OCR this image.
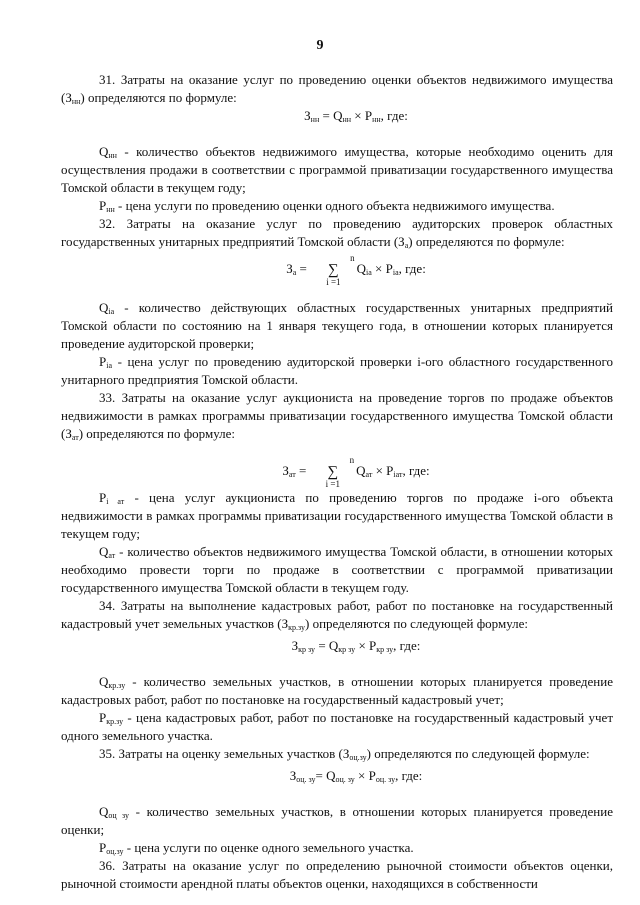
9

31. Затраты на оказание услуг по проведению оценки объектов недвижимого имущества $(З_{нн})$ определяются по формуле:

$З_{нн} = Q_{нн} \times Р_{нн}$, где:

$Q_{нн}$ - количество объектов недвижимого имущества, которые необходимо оценить для осуществления продажи в соответствии с программой приватизации государственного имущества Томской области в текущем году;

$Р_{нн}$ - цена услуги по проведению оценки одного объекта недвижимого имущества.

32. Затраты на оказание услуг по проведению аудиторских проверок областных государственных унитарных предприятий Томской области $(З_а)$ определяются по формуле:

$З_а = n$
∑
$i =1Q_{iа} \times Р_{iа}$, где:

$Q_{iа}$ - количество действующих областных государственных унитарных предприятий Томской области по состоянию на 1 января текущего года, в отношении которых планируется проведение аудиторской проверки;

$Р_{iа}$ - цена услуг по проведению аудиторской проверки i-ого областного государственного унитарного предприятия Томской области.

33. Затраты на оказание услуг аукциониста на проведение торгов по продаже объектов недвижимости в рамках программы приватизации государственного имущества Томской области $(З_{ат})$ определяются по формуле:

$З_{ат} = n$
∑
$i =1Q_{ат} \times Р_{iат}$, где:

$Р_{i ат}$ - цена услуг аукциониста по проведению торгов по продаже i-ого объекта недвижимости в рамках программы приватизации государственного имущества Томской области в текущем году;

$Q_{ат}$ - количество объектов недвижимого имущества Томской области, в отношении которых необходимо провести торги по продаже в соответствии с программой приватизации государственного имущества Томской области в текущем году.

34. Затраты на выполнение кадастровых работ, работ по постановке на государственный кадастровый учет земельных участков $(З_{кр.зу})$ определяются по следующей формуле:

$З_{кр зу} = Q_{кр зу} \times Р_{кр зу}$, где:

$Q_{кр.зу}$ - количество земельных участков, в отношении которых планируется проведение кадастровых работ, работ по постановке на государственный кадастровый учет;

$Р_{кр.зу}$ - цена кадастровых работ, работ по постановке на государственный кадастровый учет одного земельного участка.

35. Затраты на оценку земельных участков $(З_{оц.зу})$ определяются по следующей формуле:

$З_{оц. зу}= Q_{оц. зу} \times Р_{оц. зу}$, где:

$Q_{оц зу}$ - количество земельных участков, в отношении которых планируется проведение оценки;

$Р_{оц.зу}$ - цена услуги по оценке одного земельного участка.

36. Затраты на оказание услуг по определению рыночной стоимости объектов оценки, рыночной стоимости арендной платы объектов оценки, находящихся в собственности
